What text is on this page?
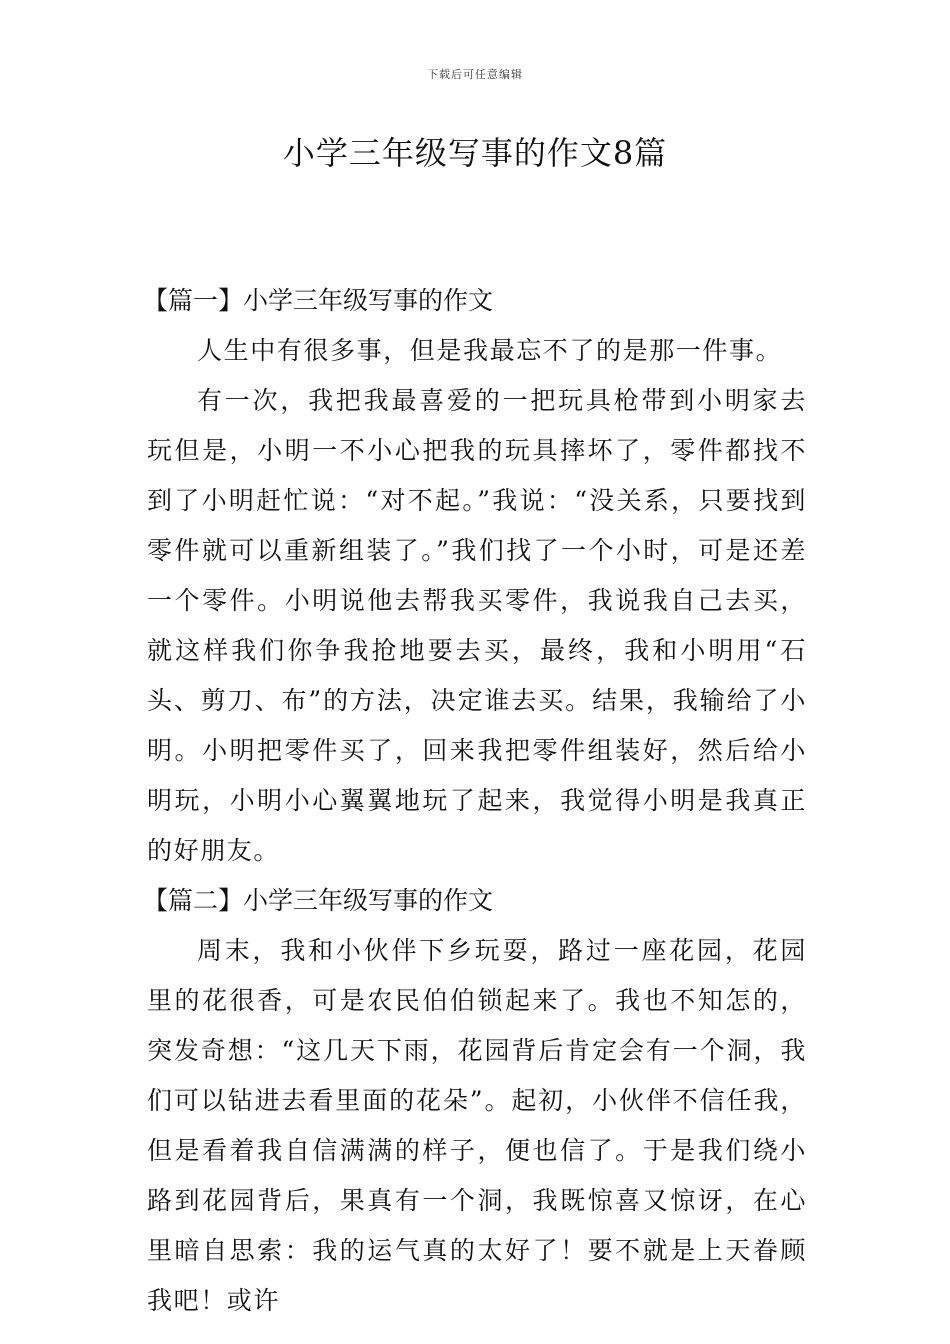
下载后可任意编辑
小学三年级写事的作文8篇
【篇一】小学三年级写事的作文

人生中有很多事，但是我最忘不了的是那一件事。

有一次，我把我最喜爱的一把玩具枪带到小明家去玩但是，小明一不小心把我的玩具摔坏了，零件都找不到了小明赶忙说：“对不起。”我说：“没关系，只要找到零件就可以重新组装了。”我们找了一个小时，可是还差一个零件。小明说他去帮我买零件，我说我自己去买，就这样我们你争我抢地要去买，最终，我和小明用“石头、剪刀、布”的方法，决定谁去买。结果，我输给了小明。小明把零件买了，回来我把零件组装好，然后给小明玩，小明小心翼翼地玩了起来，我觉得小明是我真正的好朋友。

【篇二】小学三年级写事的作文

周末，我和小伙伴下乡玩耍，路过一座花园，花园里的花很香，可是农民伯伯锁起来了。我也不知怎的，突发奇想：“这几天下雨，花园背后肯定会有一个洞，我们可以钻进去看里面的花朵”。起初，小伙伴不信任我，但是看着我自信满满的样子，便也信了。于是我们绕小路到花园背后，果真有一个洞，我既惊喜又惊讶，在心里暗自思索：我的运气真的太好了！要不就是上天眷顾我吧！或许
